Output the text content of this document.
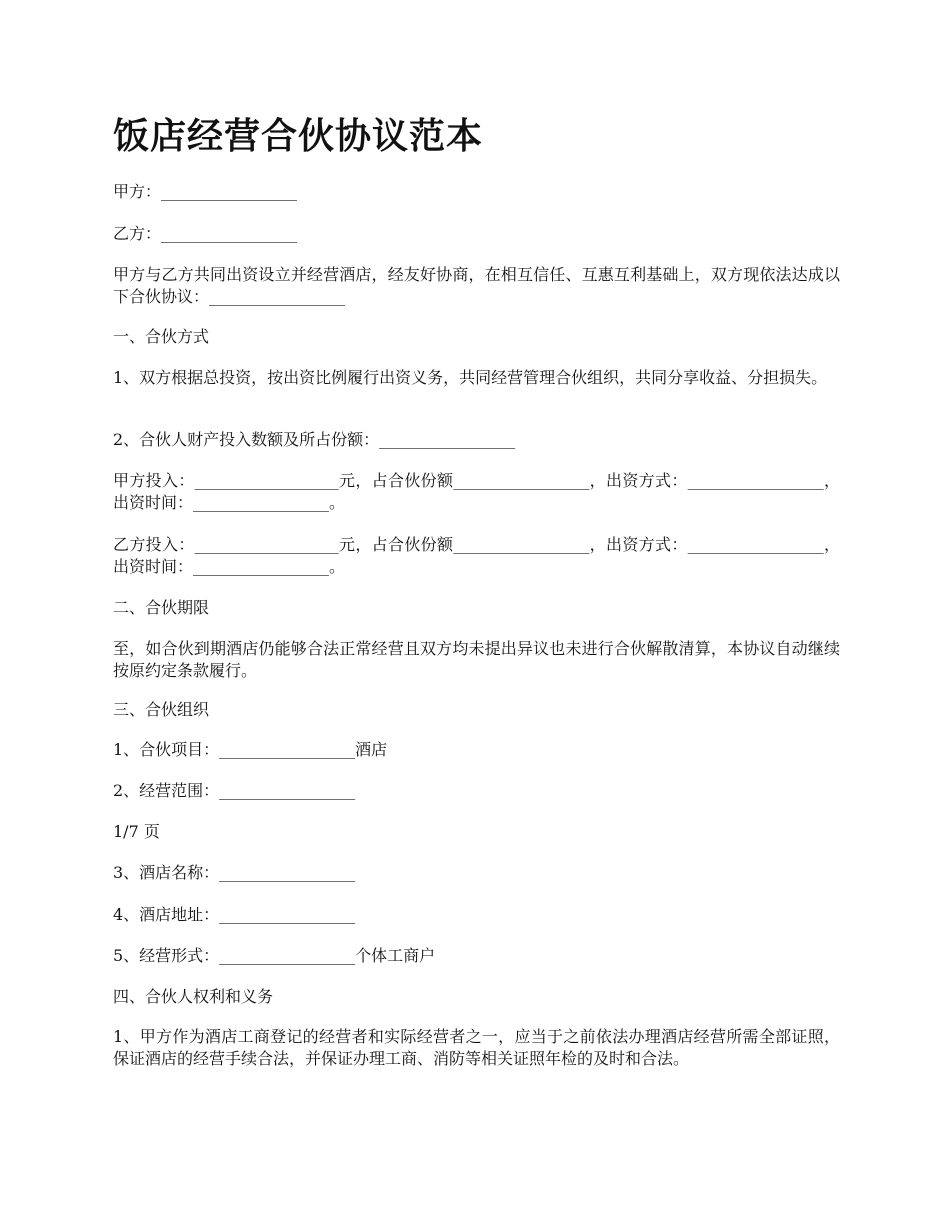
饭店经营合伙协议范本

甲方：_________________

乙方：_________________

甲方与乙方共同出资设立并经营酒店，经友好协商，在相互信任、互惠互利基础上，双方现依法达成以下合伙协议：_________________

一、合伙方式

1、双方根据总投资，按出资比例履行出资义务，共同经营管理合伙组织，共同分享收益、分担损失。

2、合伙人财产投入数额及所占份额：_________________

甲方投入：__________________元，占合伙份额_________________，出资方式：_________________，出资时间：_________________。

乙方投入：__________________元，占合伙份额_________________，出资方式：_________________，出资时间：_________________。

二、合伙期限

至，如合伙到期酒店仍能够合法正常经营且双方均未提出异议也未进行合伙解散清算，本协议自动继续按原约定条款履行。

三、合伙组织

1、合伙项目：_________________酒店

2、经营范围：_________________

1/7 页

3、酒店名称：_________________

4、酒店地址：_________________

5、经营形式：_________________个体工商户

四、合伙人权利和义务

1、甲方作为酒店工商登记的经营者和实际经营者之一，应当于之前依法办理酒店经营所需全部证照，保证酒店的经营手续合法，并保证办理工商、消防等相关证照年检的及时和合法。
